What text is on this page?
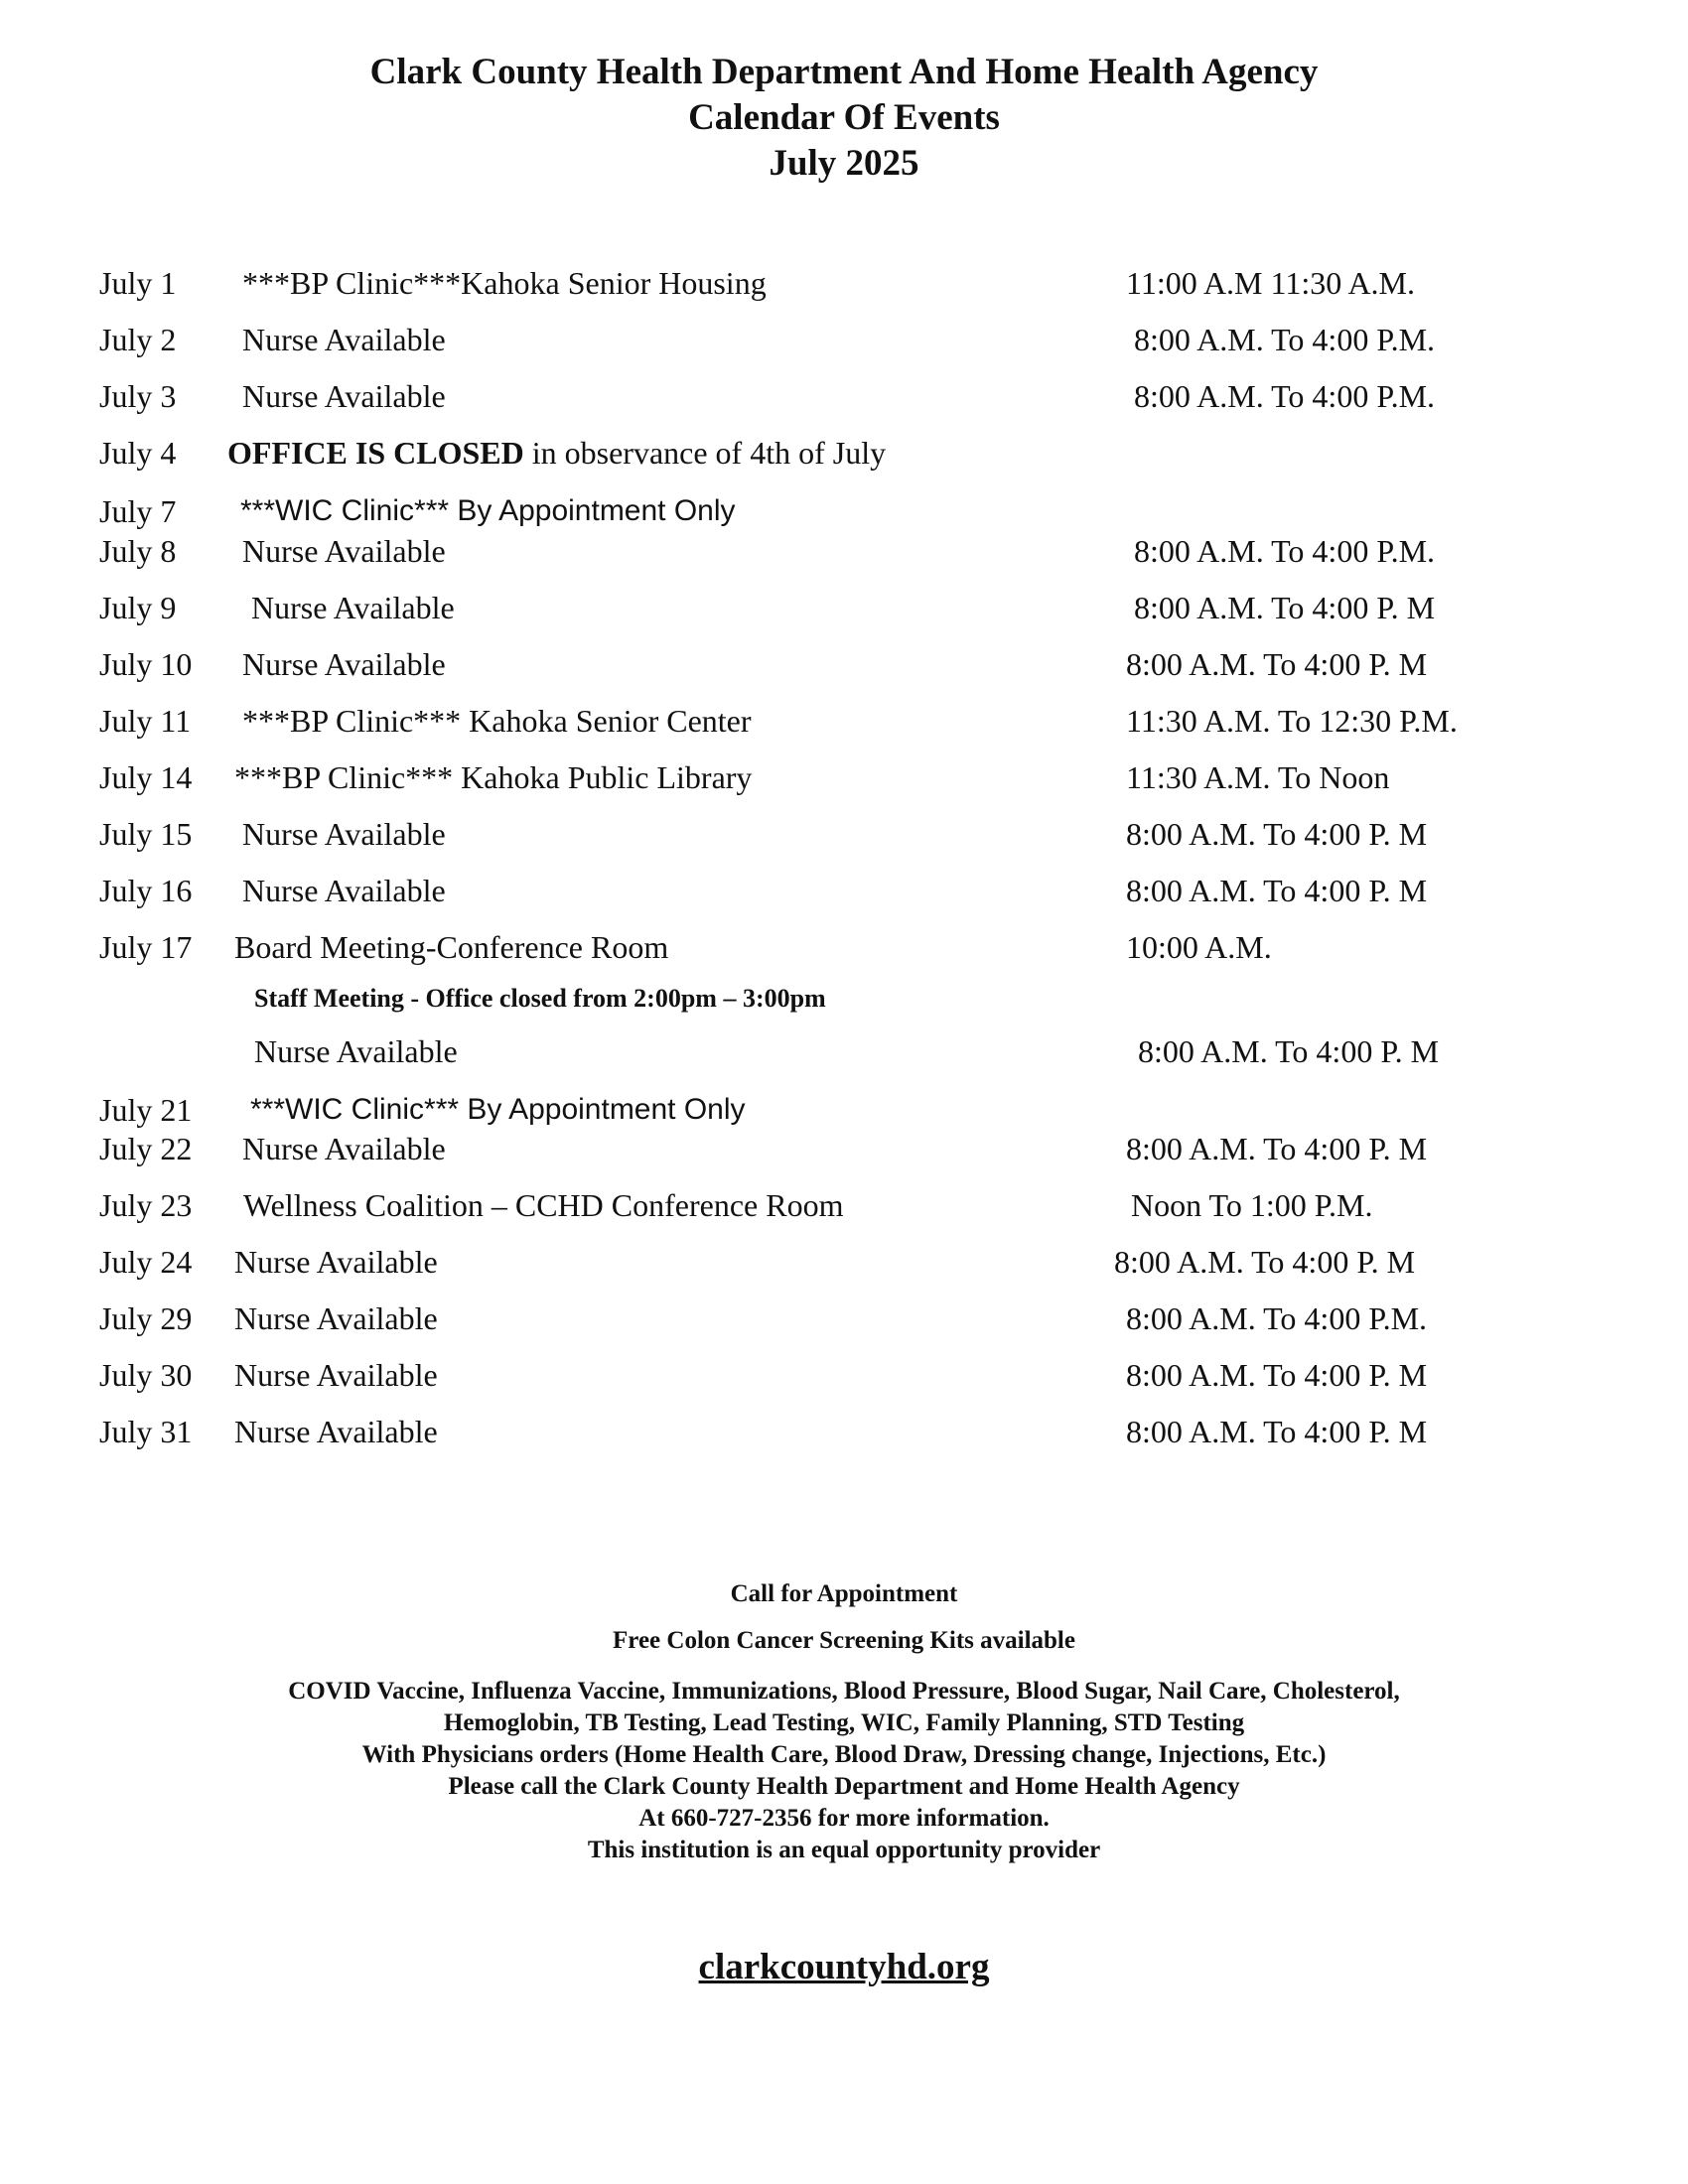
Clark County Health Department And Home Health Agency
Calendar Of Events
July 2025
July 1 ***BP Clinic***Kahoka Senior Housing	11:00 A.M 11:30 A.M.
July 2 Nurse Available	8:00 A.M. To 4:00 P.M.
July 3 Nurse Available	8:00 A.M. To 4:00 P.M.
July 4 OFFICE IS CLOSED in observance of 4th of July
July 7 ***WIC Clinic*** By Appointment Only
July 8 Nurse Available	8:00 A.M. To 4:00 P.M.
July 9 Nurse Available	8:00 A.M. To 4:00 P. M
July 10 Nurse Available	8:00 A.M. To 4:00 P. M
July 11 ***BP Clinic*** Kahoka Senior Center	11:30 A.M. To 12:30 P.M.
July 14 ***BP Clinic*** Kahoka Public Library	11:30 A.M. To Noon
July 15 Nurse Available	8:00 A.M. To 4:00 P. M
July 16 Nurse Available	8:00 A.M. To 4:00 P. M
July 17 Board Meeting-Conference Room	10:00 A.M.
Staff Meeting - Office closed from 2:00pm – 3:00pm
Nurse Available	8:00 A.M. To 4:00 P. M
July 21 ***WIC Clinic*** By Appointment Only
July 22 Nurse Available	8:00 A.M. To 4:00 P. M
July 23 Wellness Coalition – CCHD Conference Room	Noon To 1:00 P.M.
July 24 Nurse Available	8:00 A.M. To 4:00 P. M
July 29 Nurse Available	8:00 A.M. To 4:00 P.M.
July 30 Nurse Available	8:00 A.M. To 4:00 P. M
July 31 Nurse Available	8:00 A.M. To 4:00 P. M
Call for Appointment
Free Colon Cancer Screening Kits available
COVID Vaccine, Influenza Vaccine, Immunizations, Blood Pressure, Blood Sugar, Nail Care, Cholesterol,
Hemoglobin, TB Testing, Lead Testing, WIC, Family Planning, STD Testing
With Physicians orders (Home Health Care, Blood Draw, Dressing change, Injections, Etc.)
Please call the Clark County Health Department and Home Health Agency
At 660-727-2356 for more information.
This institution is an equal opportunity provider
clarkcountyhd.org
